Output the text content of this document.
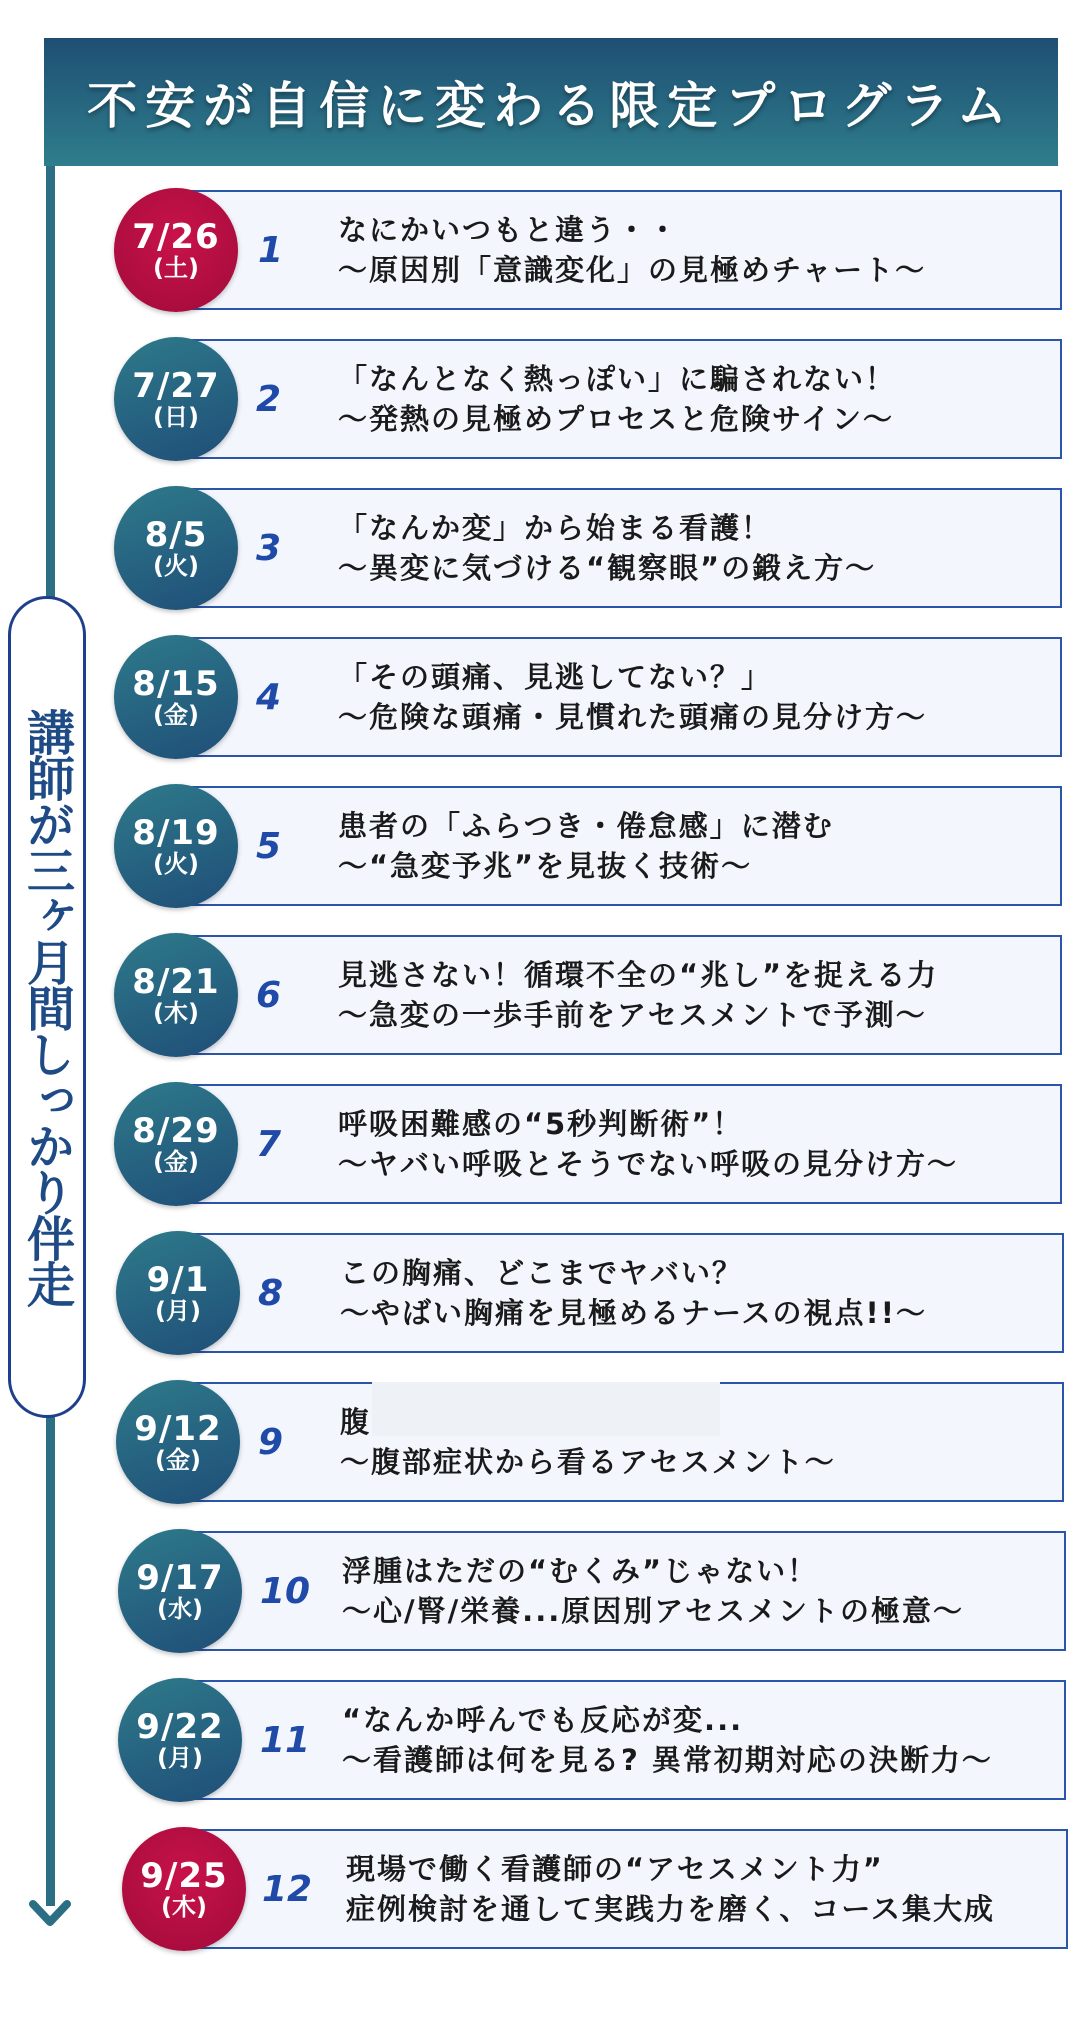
不安が自信に変わる限定プログラム
講師が三ヶ月間しっかり伴走
7/26
(土) 1 なにかいつもと違う・・
〜原因別「意識変化」の見極めチャート〜
7/27
(日) 2 「なんとなく熱っぽい」に騙されない！
〜発熱の見極めプロセスと危険サイン〜
8/5
(火) 3 「なんか変」から始まる看護！
〜異変に気づける“観察眼”の鍛え方〜
8/15
(金) 4 「その頭痛、見逃してない？」
〜危険な頭痛・見慣れた頭痛の見分け方〜
8/19
(火) 5 患者の「ふらつき・倦怠感」に潜む
〜“急変予兆”を見抜く技術〜
8/21
(木) 6 見逃さない！循環不全の“兆し”を捉える力
〜急変の一歩手前をアセスメントで予測〜
8/29
(金) 7 呼吸困難感の“5秒判断術”！
〜ヤバい呼吸とそうでない呼吸の見分け方〜
9/1
(月) 8 この胸痛、どこまでヤバい？
〜やばい胸痛を見極めるナースの視点!!〜
9/12
(金) 9 腹
〜腹部症状から看るアセスメント〜
9/17
(水) 10 浮腫はただの“むくみ”じゃない！
〜心/腎/栄養...原因別アセスメントの極意〜
9/22
(月) 11 “なんか呼んでも反応が変...
〜看護師は何を見る? 異常初期対応の決断力〜
9/25
(木) 12 現場で働く看護師の“アセスメント力”
症例検討を通して実践力を磨く、コース集大成
